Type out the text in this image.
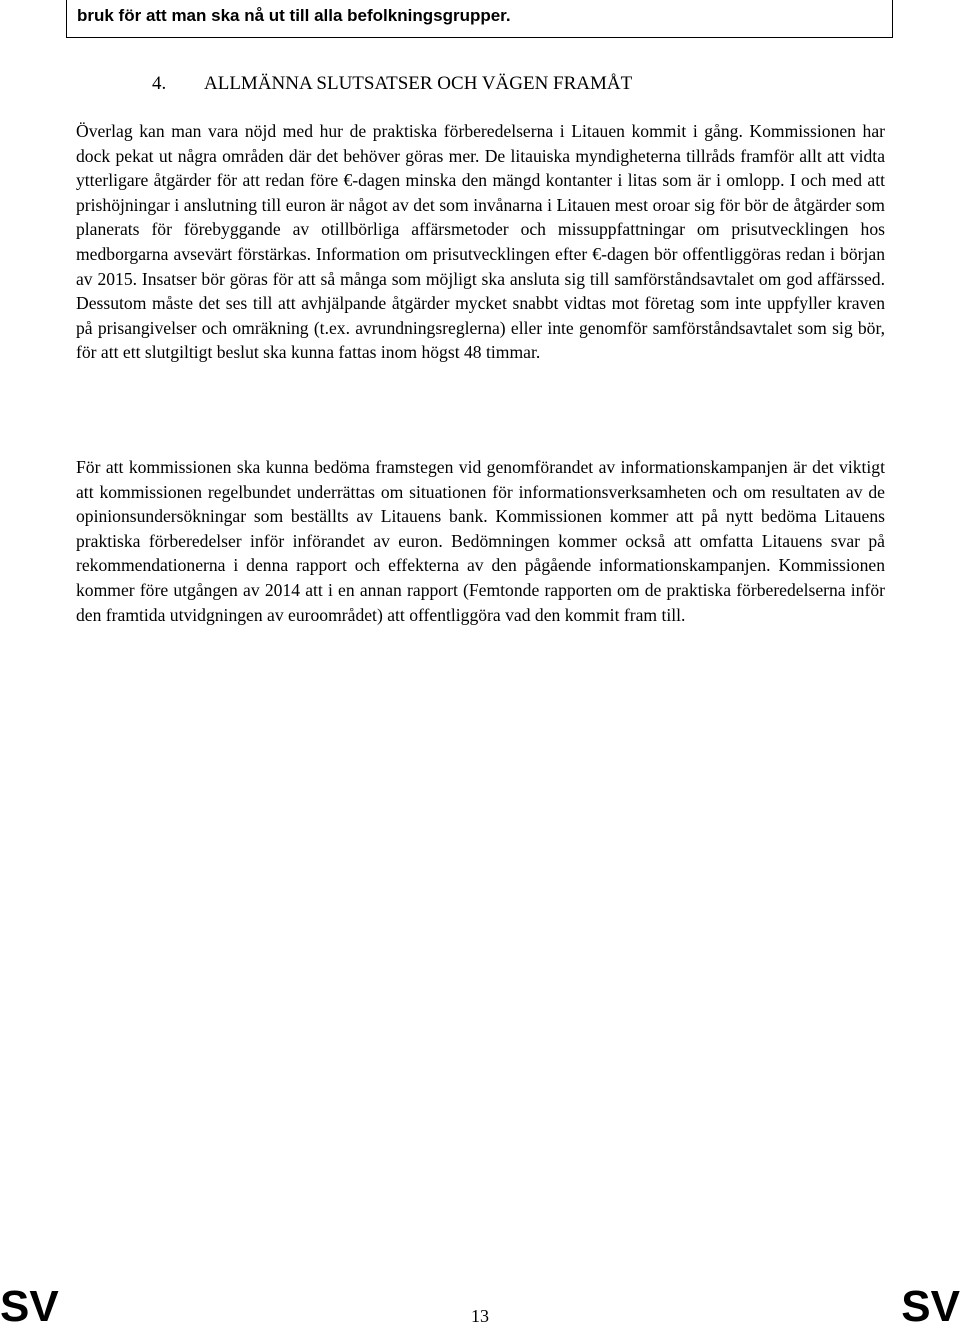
bruk för att man ska nå ut till alla befolkningsgrupper.
4. ALLMÄNNA SLUTSATSER OCH VÄGEN FRAMÅT
Överlag kan man vara nöjd med hur de praktiska förberedelserna i Litauen kommit i gång. Kommissionen har dock pekat ut några områden där det behöver göras mer. De litauiska myndigheterna tillråds framför allt att vidta ytterligare åtgärder för att redan före €-dagen minska den mängd kontanter i litas som är i omlopp. I och med att prishöjningar i anslutning till euron är något av det som invånarna i Litauen mest oroar sig för bör de åtgärder som planerats för förebyggande av otillbörliga affärsmetoder och missuppfattningar om prisutvecklingen hos medborgarna avsevärt förstärkas. Information om prisutvecklingen efter €-dagen bör offentliggöras redan i början av 2015. Insatser bör göras för att så många som möjligt ska ansluta sig till samförståndsavtalet om god affärssed. Dessutom måste det ses till att avhjälpande åtgärder mycket snabbt vidtas mot företag som inte uppfyller kraven på prisangivelser och omräkning (t.ex. avrundningsreglerna) eller inte genomför samförståndsavtalet som sig bör, för att ett slutgiltigt beslut ska kunna fattas inom högst 48 timmar.
För att kommissionen ska kunna bedöma framstegen vid genomförandet av informationskampanjen är det viktigt att kommissionen regelbundet underrättas om situationen för informationsverksamheten och om resultaten av de opinionsundersökningar som beställts av Litauens bank. Kommissionen kommer att på nytt bedöma Litauens praktiska förberedelser inför införandet av euron. Bedömningen kommer också att omfatta Litauens svar på rekommendationerna i denna rapport och effekterna av den pågående informationskampanjen. Kommissionen kommer före utgången av 2014 att i en annan rapport (Femtonde rapporten om de praktiska förberedelserna inför den framtida utvidgningen av euroområdet) att offentliggöra vad den kommit fram till.
SV	13	SV
